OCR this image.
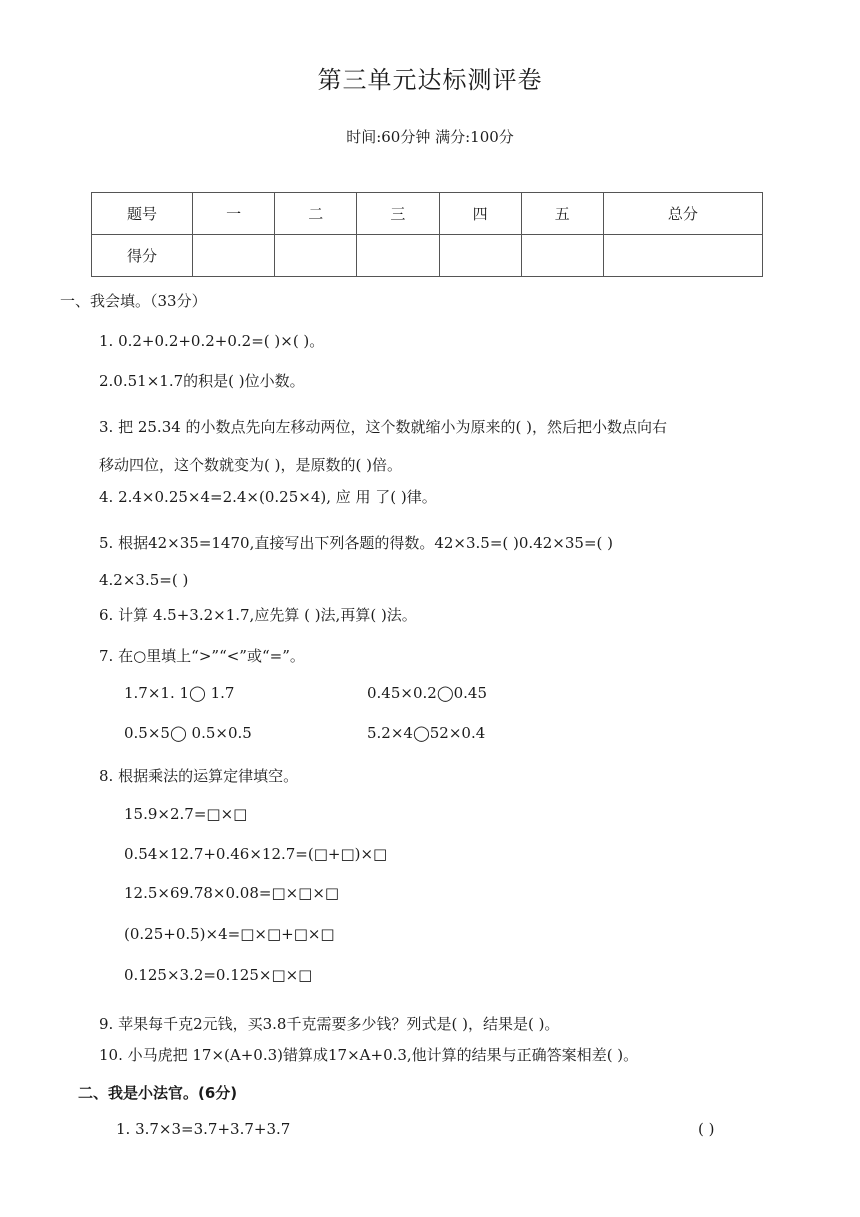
第三单元达标测评卷
时间:60分钟 满分:100分
题号	一	二	三	四	五	总分
得分						
一、我会填。（33分）
1. 0.2+0.2+0.2+0.2=( )×( )。
2.0.51×1.7的积是( )位小数。
3. 把 25.34 的小数点先向左移动两位，这个数就缩小为原来的( )，然后把小数点向右
移动四位，这个数就变为( )，是原数的( )倍。
4. 2.4×0.25×4=2.4×(0.25×4), 应 用 了( )律。
5. 根据42×35=1470,直接写出下列各题的得数。42×3.5=( )0.42×35=( )
4.2×3.5=( )
6. 计算 4.5+3.2×1.7,应先算 ( )法,再算( )法。
7. 在○里填上“>”“<”或“=”。
1.7×1. 1◯ 1.7	0.45×0.2◯0.45
0.5×5◯ 0.5×0.5	5.2×4◯52×0.4
8. 根据乘法的运算定律填空。
15.9×2.7=□×□
0.54×12.7+0.46×12.7=(□+□)×□
12.5×69.78×0.08=□×□×□
(0.25+0.5)×4=□×□+□×□
0.125×3.2=0.125×□×□
9. 苹果每千克2元钱，买3.8千克需要多少钱？列式是( )，结果是( )。
10. 小马虎把 17×(A+0.3)错算成17×A+0.3,他计算的结果与正确答案相差( )。
二、我是小法官。(6分)
1. 3.7×3=3.7+3.7+3.7	( )
